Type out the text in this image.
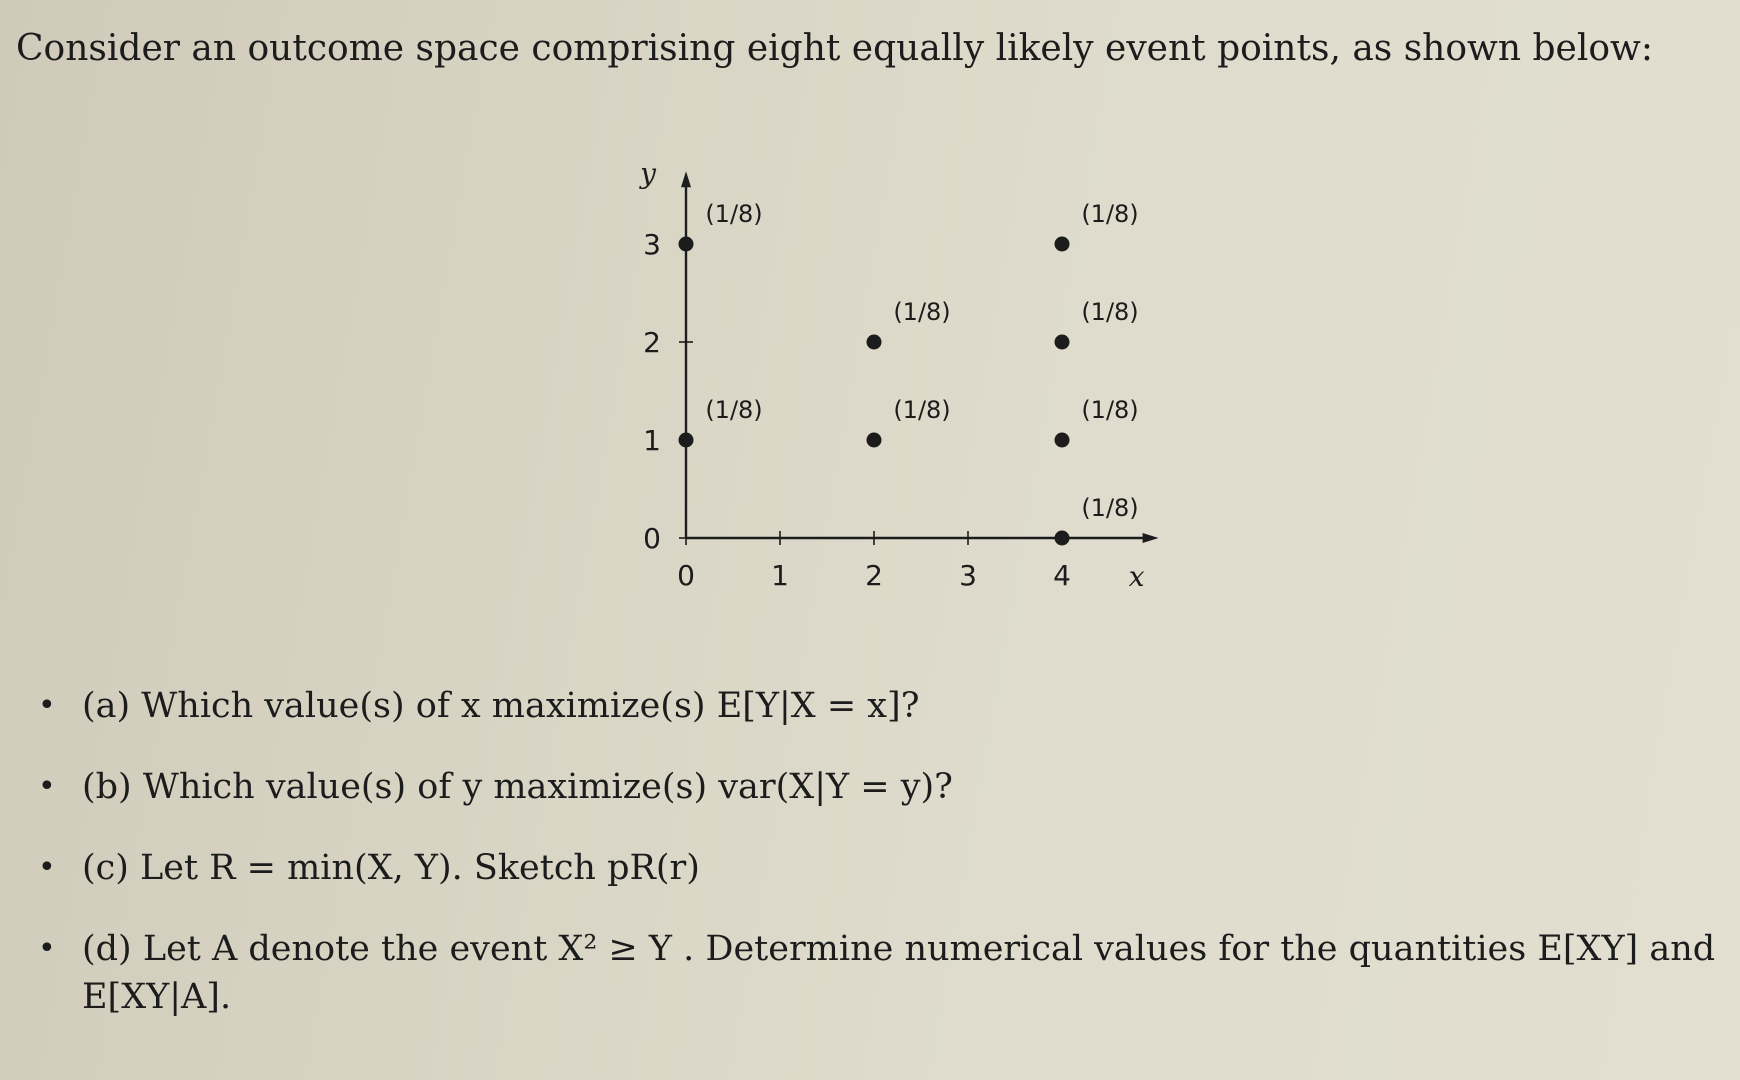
Consider an outcome space comprising eight equally likely event points, as shown below:
x
y
0	1	2	3	4
0
1
2
3
(1/8)
(1/8)
(1/8)
(1/8)
(1/8)
(1/8)
(1/8)
(1/8)
• (a) Which value(s) of x maximize(s) E[Y|X = x]?
• (b) Which value(s) of y maximize(s) var(X|Y = y)?
• (c) Let R = min(X, Y). Sketch pR(r)
• (d) Let A denote the event X² ≥ Y . Determine numerical values for the quantities E[XY] and
E[XY|A].
